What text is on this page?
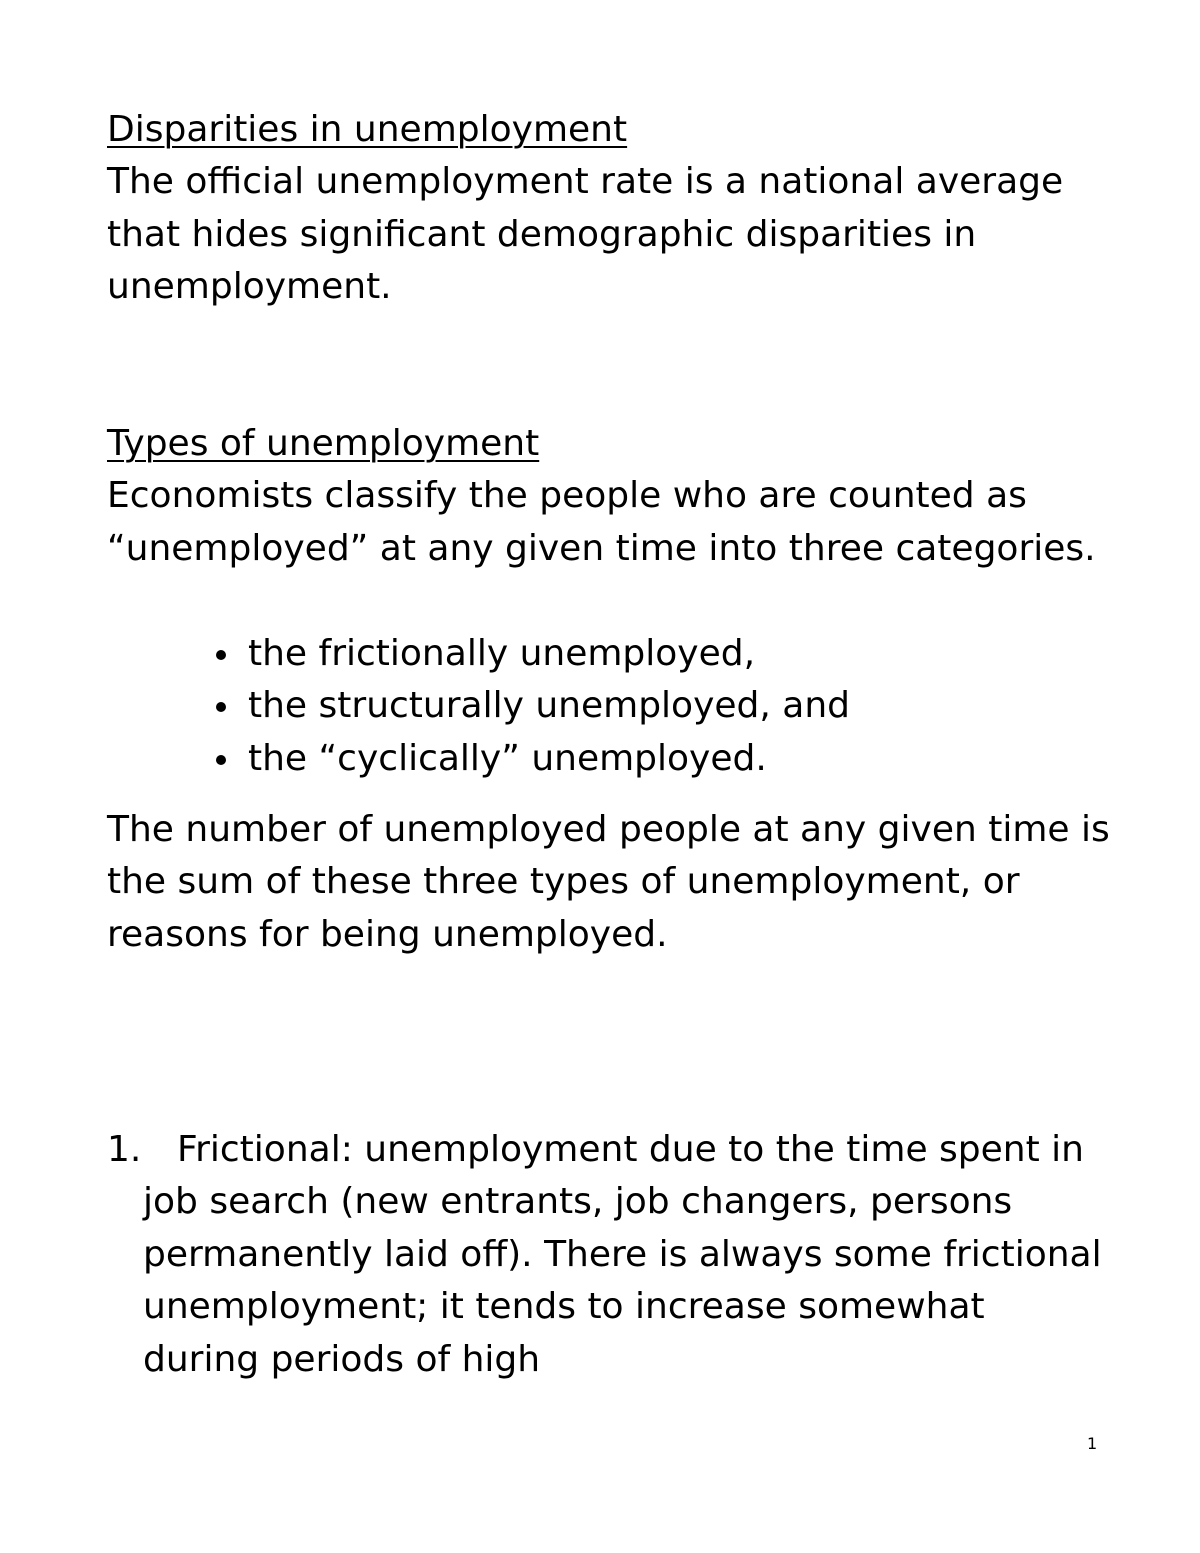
Disparities in unemployment
The official unemployment rate is a national average that hides significant demographic disparities in unemployment.
Types of unemployment
Economists classify the people who are counted as “unemployed” at any given time into three categories.
the frictionally unemployed,
the structurally unemployed, and
the “cyclically” unemployed.
The number of unemployed people at any given time is the sum of these three types of unemployment, or reasons for being unemployed.
1. Frictional: unemployment due to the time spent in job search (new entrants, job changers, persons permanently laid off). There is always some frictional unemployment; it tends to increase somewhat during periods of high
1
